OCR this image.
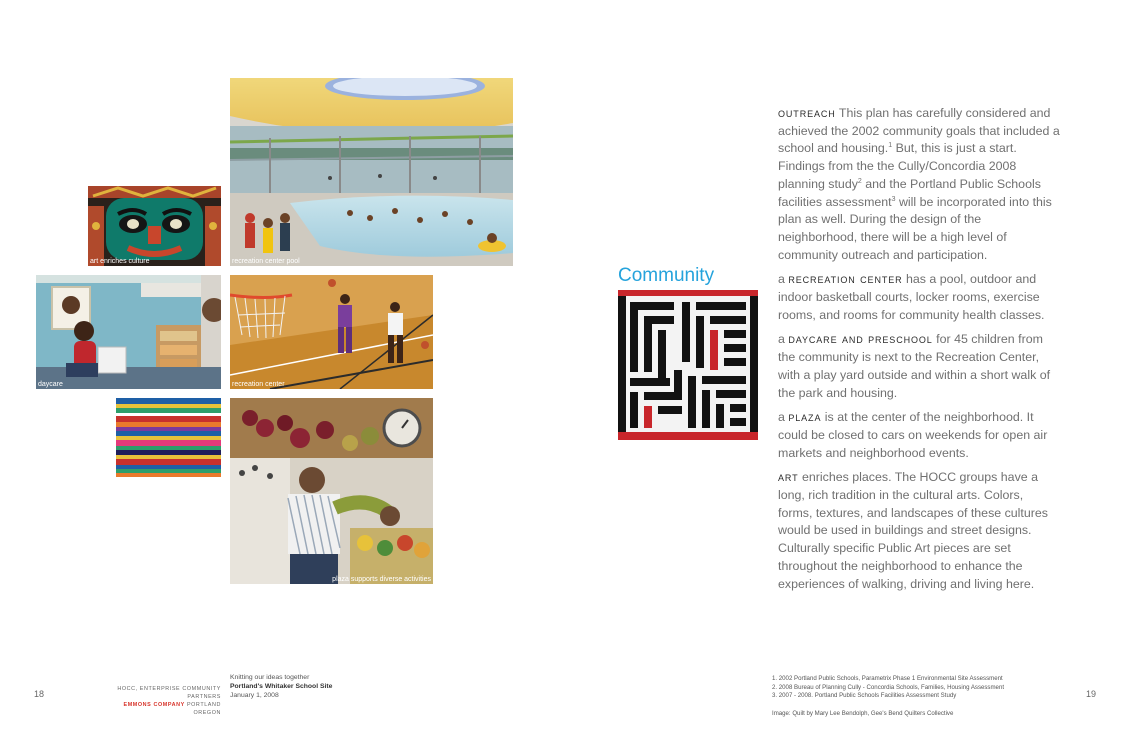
art enriches culture	recreation center pool
daycare	recreation center
plaza supports diverse activities
Community

outreach This plan has carefully considered and achieved the 2002 community goals that included a school and housing.$^1$ But, this is just a start. Findings from the the Cully/Concordia 2008 planning study$^2$ and the Portland Public Schools facilities assessment$^3$ will be incorporated into this plan as well. During the design of the neighborhood, there will be a high level of community outreach and participation.

a recreation center has a pool, outdoor and indoor basketball courts, locker rooms, exercise rooms, and rooms for community health classes.

a daycare and preschool for 45 children from the community is next to the Recreation Center, with a play yard outside and within a short walk of the park and housing.

a plaza is at the center of the neighborhood. It could be closed to cars on weekends for open air markets and neighborhood events.

art enriches places. The HOCC groups have a long, rich tradition in the cultural arts. Colors, forms, textures, and landscapes of these cultures would be used in buildings and street designs. Culturally specific Public Art pieces are set throughout the neighborhood to enhance the experiences of walking, driving and living here.

18	19
HOCC, ENTERPRISE COMMUNITY PARTNERS
EMMONS COMPANY PORTLAND OREGON
Knitting our ideas together
Portland's Whitaker School Site
January 1, 2008
1. 2002 Portland Public Schools, Parametrix Phase 1 Environmental Site Assessment
2. 2008 Bureau of Planning Cully - Concordia Schools, Families, Housing Assessment
3. 2007 - 2008. Portland Public Schools Facilities Assessment Study
Image: Quilt by Mary Lee Bendolph, Gee's Bend Quilters Collective
